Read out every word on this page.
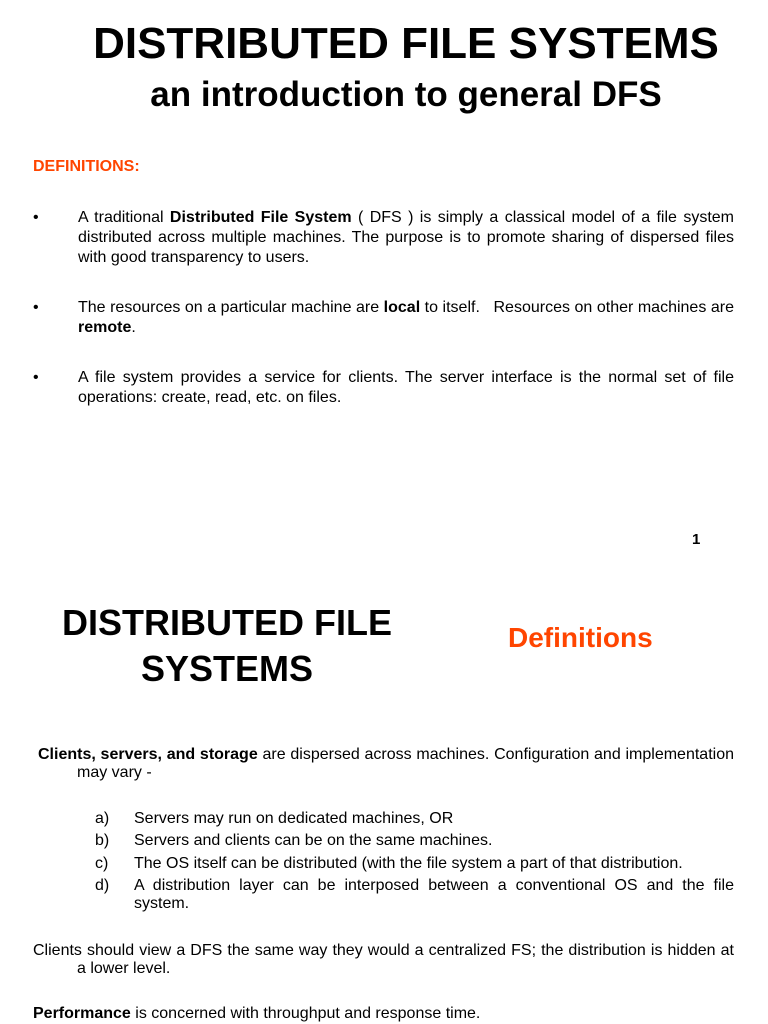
DISTRIBUTED FILE SYSTEMS
an introduction to general DFS
DEFINITIONS:
• A traditional Distributed File System ( DFS ) is simply a classical model of a file system distributed across multiple machines. The purpose is to promote sharing of dispersed files with good transparency to users.
• The resources on a particular machine are local to itself.   Resources on other machines are remote.
• A file system provides a service for clients. The server interface is the normal set of file operations: create, read, etc. on files.
1
DISTRIBUTED FILE
SYSTEMS
Definitions
Clients, servers, and storage are dispersed across machines. Configuration and implementation may vary -
a) Servers may run on dedicated machines, OR
b) Servers and clients can be on the same machines.
c) The OS itself can be distributed (with the file system a part of that distribution.
d) A distribution layer can be interposed between a conventional OS and the file system.
Clients should view a DFS the same way they would a centralized FS; the distribution is hidden at a lower level.
Performance is concerned with throughput and response time.
